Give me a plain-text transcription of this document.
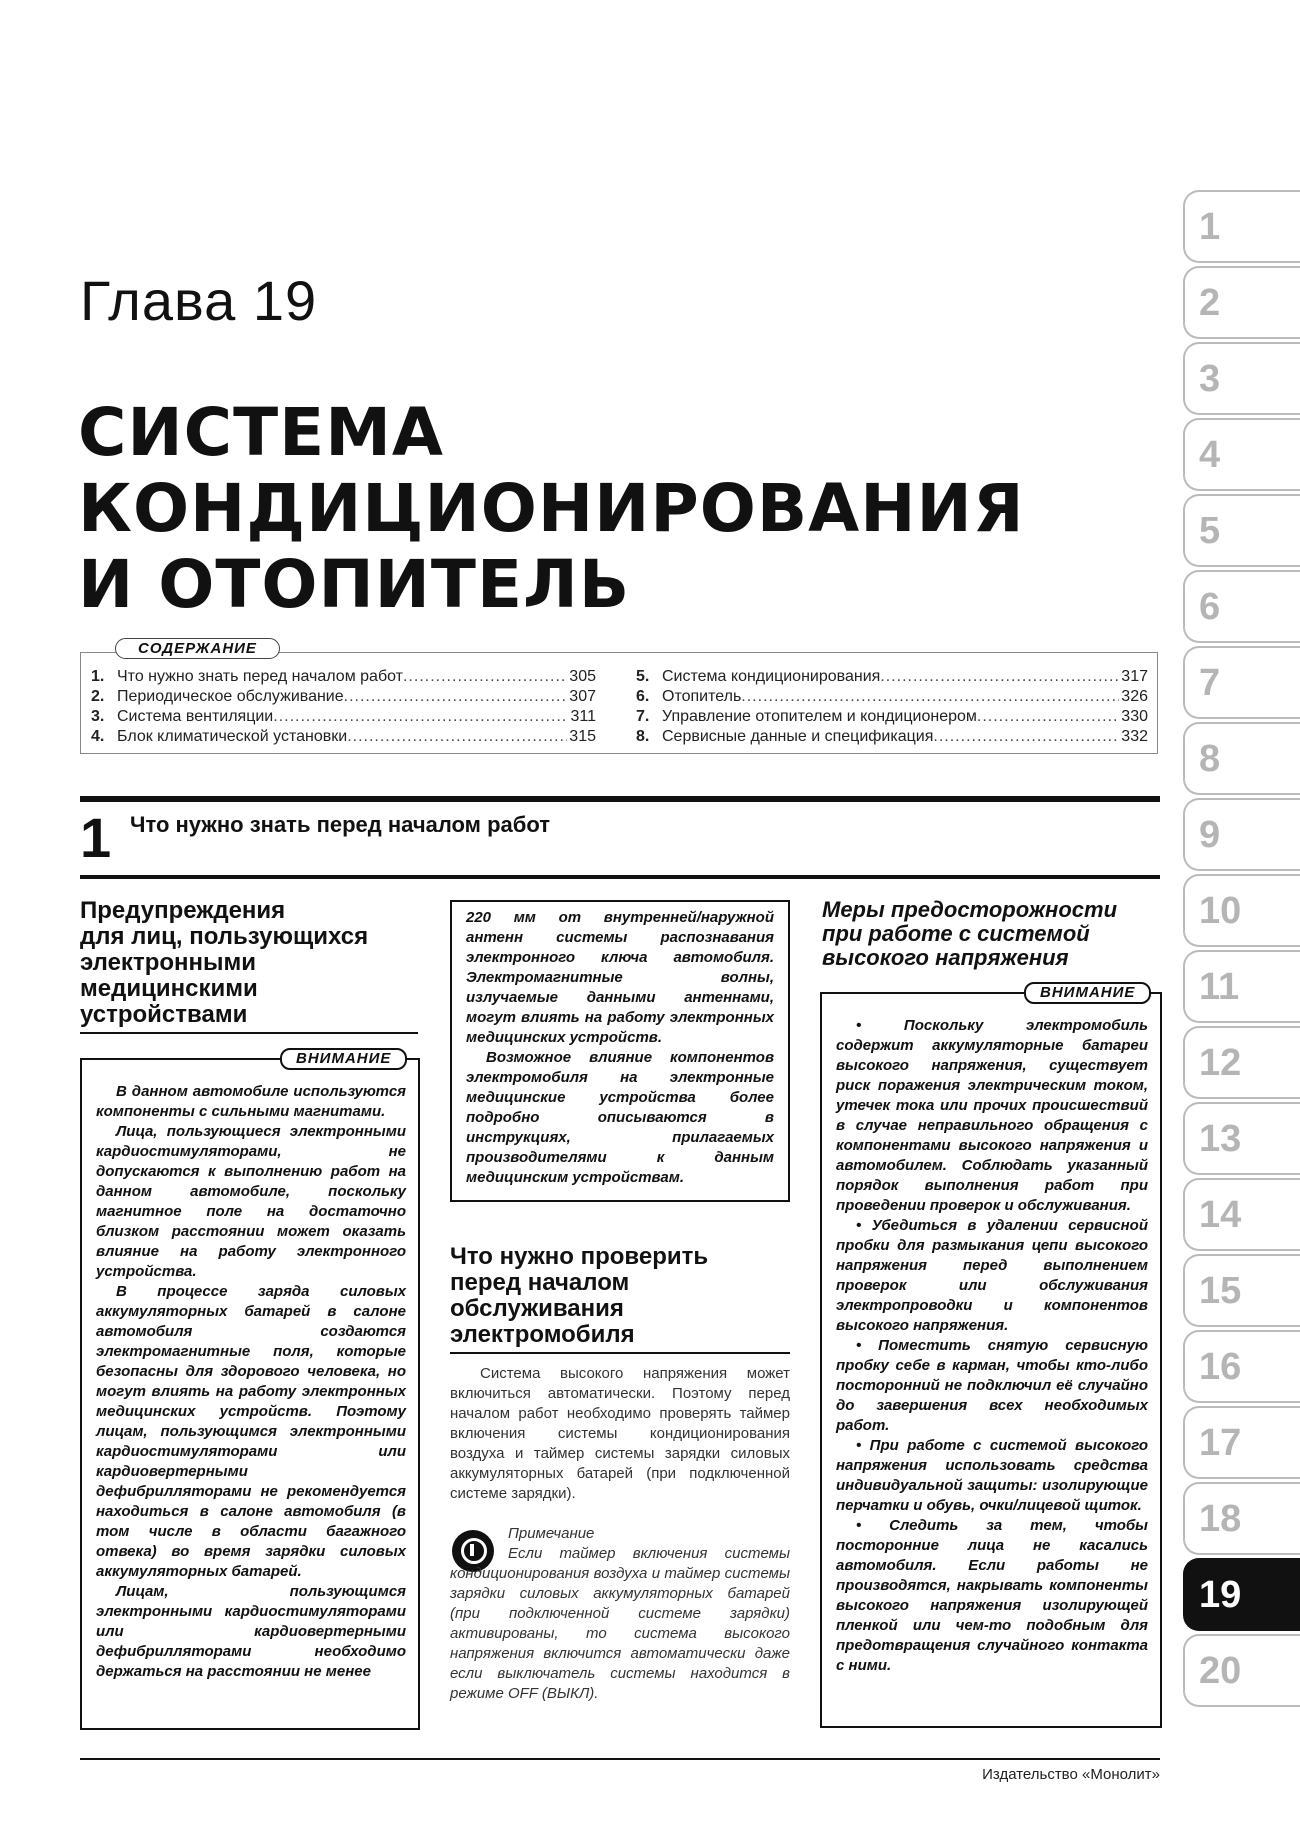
Глава 19
СИСТЕМА
КОНДИЦИОНИРОВАНИЯ
И ОТОПИТЕЛЬ
1. Что нужно знать перед началом работ .....	305
2. Периодическое обслуживание .....	307
3. Система вентиляции .....	311
4. Блок климатической установки .....	315
5. Система кондиционирования .....	317
6. Отопитель .....	326
7. Управление отопителем и кондиционером .....	330
8. Сервисные данные и спецификация .....	332
СОДЕРЖАНИЕ
1 Что нужно знать перед началом работ
Предупреждения
для лиц, пользующихся
электронными
медицинскими
устройствами

В данном автомобиле используются компоненты с сильными магнитами.

Лица, пользующиеся электронными кардиостимуляторами, не допускаются к выполнению работ на данном автомобиле, поскольку магнитное поле на достаточно близком расстоянии может оказать влияние на работу электронного устройства.

В процессе заряда силовых аккумуляторных батарей в салоне автомобиля создаются электромагнитные поля, которые безопасны для здорового человека, но могут влиять на работу электронных медицинских устройств. Поэтому лицам, пользующимся электронными кардиостимуляторами или кардиовертерными дефибрилляторами не рекомендуется находиться в салоне автомобиля (в том числе в области багажного отвека) во время зарядки силовых аккумуляторных батарей.

Лицам, пользующимся электронными кардиостимуляторами или кардиовертерными дефибрилляторами необходимо держаться на расстоянии не менее

ВНИМАНИЕ

220 мм от внутренней/наружной антенн системы распознавания электронного ключа автомобиля. Электромагнитные волны, излучаемые данными антеннами, могут влиять на работу электронных медицинских устройств.

Возможное влияние компонентов электромобиля на электронные медицинские устройства более подробно описываются в инструкциях, прилагаемых производителями к данным медицинским устройствам.

Что нужно проверить
перед началом
обслуживания
электромобиля

Система высокого напряжения может включиться автоматически. Поэтому перед началом работ необходимо проверять таймер включения системы кондиционирования воздуха и таймер системы зарядки силовых аккумуляторных батарей (при подключенной системе зарядки).

Примечание
Если таймер включения системы кондиционирования воздуха и таймер системы зарядки силовых аккумуляторных батарей (при подключенной системе зарядки) активированы, то система высокого напряжения включится автоматически даже если выключатель системы находится в режиме OFF (ВЫКЛ).
Меры предосторожности
при работе с системой
высокого напряжения

• Поскольку электромобиль содержит аккумуляторные батареи высокого напряжения, существует риск поражения электрическим током, утечек тока или прочих происшествий в случае неправильного обращения с компонентами высокого напряжения и автомобилем. Соблюдать указанный порядок выполнения работ при проведении проверок и обслуживания.

• Убедиться в удалении сервисной пробки для размыкания цепи высокого напряжения перед выполнением проверок или обслуживания электропроводки и компонентов высокого напряжения.

• Поместить снятую сервисную пробку себе в карман, чтобы кто-либо посторонний не подключил её случайно до завершения всех необходимых работ.

• При работе с системой высокого напряжения использовать средства индивидуальной защиты: изолирующие перчатки и обувь, очки/лицевой щиток.

• Следить за тем, чтобы посторонние лица не касались автомобиля. Если работы не производятся, накрывать компоненты высокого напряжения изолирующей пленкой или чем-то подобным для предотвращения случайного контакта с ними.

ВНИМАНИЕ
1
2
3
4
5
6
7
8
9
10
11
12
13
14
15
16
17
18
19
20
Издательство «Монолит»
